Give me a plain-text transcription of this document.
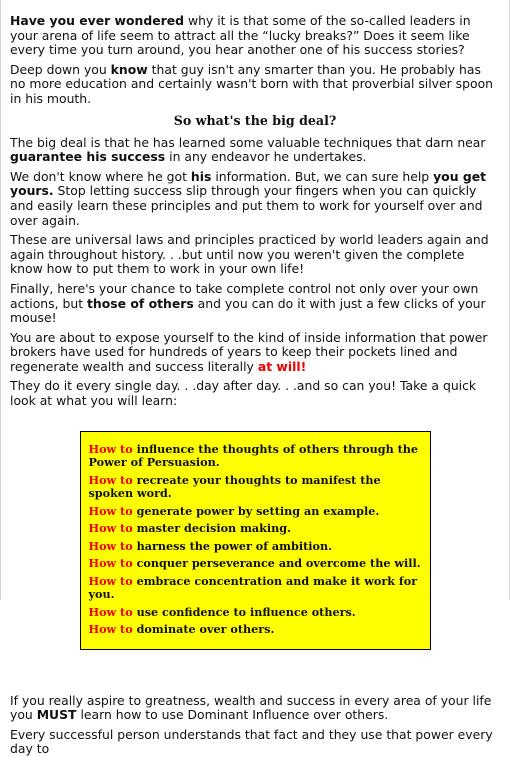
Have you ever wondered why it is that some of the so-called leaders in your arena of life seem to attract all the “lucky breaks?” Does it seem like every time you turn around, you hear another one of his success stories?

Deep down you know that guy isn't any smarter than you. He probably has no more education and certainly wasn't born with that proverbial silver spoon in his mouth.

So what's the big deal?

The big deal is that he has learned some valuable techniques that darn near guarantee his success in any endeavor he undertakes.

We don't know where he got his information. But, we can sure help you get yours. Stop letting success slip through your fingers when you can quickly and easily learn these principles and put them to work for yourself over and over again.

These are universal laws and principles practiced by world leaders again and again throughout history. . .but until now you weren't given the complete know how to put them to work in your own life!

Finally, here's your chance to take complete control not only over your own actions, but those of others and you can do it with just a few clicks of your mouse!

You are about to expose yourself to the kind of inside information that power brokers have used for hundreds of years to keep their pockets lined and regenerate wealth and success literally at will!

They do it every single day. . .day after day. . .and so can you! Take a quick look at what you will learn:

How to influence the thoughts of others through the Power of Persuasion.
How to recreate your thoughts to manifest the spoken word.
How to generate power by setting an example.
How to master decision making.
How to harness the power of ambition.
How to conquer perseverance and overcome the will.
How to embrace concentration and make it work for you.
How to use confidence to influence others.
How to dominate over others.

If you really aspire to greatness, wealth and success in every area of your life you MUST learn how to use Dominant Influence over others.

Every successful person understands that fact and they use that power every day to
